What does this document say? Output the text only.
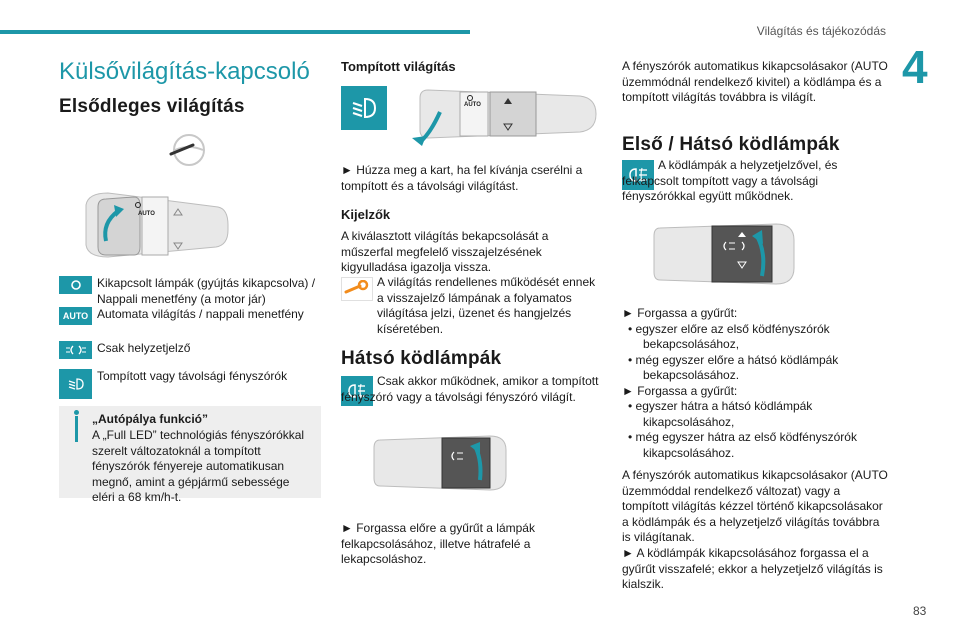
Világítás és tájékozódás
4
83
Külsővilágítás-kapcsoló
Elsődleges világítás
AUTO
Kikapcsolt lámpák (gyújtás kikapcsolva) / Nappali menetfény (a motor jár)
AUTO Automata világítás / nappali menetfény
Csak helyzetjelző
Tompított vagy távolsági fényszórók
„Autópálya funkció”
A „Full LED” technológiás fényszórókkal szerelt változatoknál a tompított fényszórók fényereje automatikusan megnő, amint a gépjármű sebessége eléri a 68 km/h-t.
Tompított világítás
AUTO
► Húzza meg a kart, ha fel kívánja cserélni a tompított és a távolsági világítást.
Kijelzők
A kiválasztott világítás bekapcsolását a műszerfal megfelelő visszajelzésének kigyulladása igazolja vissza.
A világítás rendellenes működését ennek a visszajelző lámpának a folyamatos világítása jelzi, üzenet és hangjelzés kíséretében.
Hátsó ködlámpák
Csak akkor működnek, amikor a tompított fényszóró vagy a távolsági fényszóró világít.
► Forgassa előre a gyűrűt a lámpák felkapcsolásához, illetve hátrafelé a lekapcsoláshoz.
A fényszórók automatikus kikapcsolásakor (AUTO üzemmódnál rendelkező kivitel) a ködlámpa és a tompított világítás továbbra is világít.
Első / Hátsó ködlámpák
A ködlámpák a helyzetjelzővel, és felkapcsolt tompított vagy a távolsági fényszórókkal együtt működnek.
► Forgassa a gyűrűt:
• egyszer előre az első ködfényszórók
bekapcsolásához,
• még egyszer előre a hátsó ködlámpák
bekapcsolásához.
► Forgassa a gyűrűt:
• egyszer hátra a hátsó ködlámpák
kikapcsolásához,
• még egyszer hátra az első ködfényszórók
kikapcsolásához.
A fényszórók automatikus kikapcsolásakor (AUTO üzemmóddal rendelkező változat) vagy a tompított világítás kézzel történő kikapcsolásakor a ködlámpák és a helyzetjelző világítás továbbra is világítanak.
► A ködlámpák kikapcsolásához forgassa el a gyűrűt visszafelé; ekkor a helyzetjelző világítás is kialszik.
